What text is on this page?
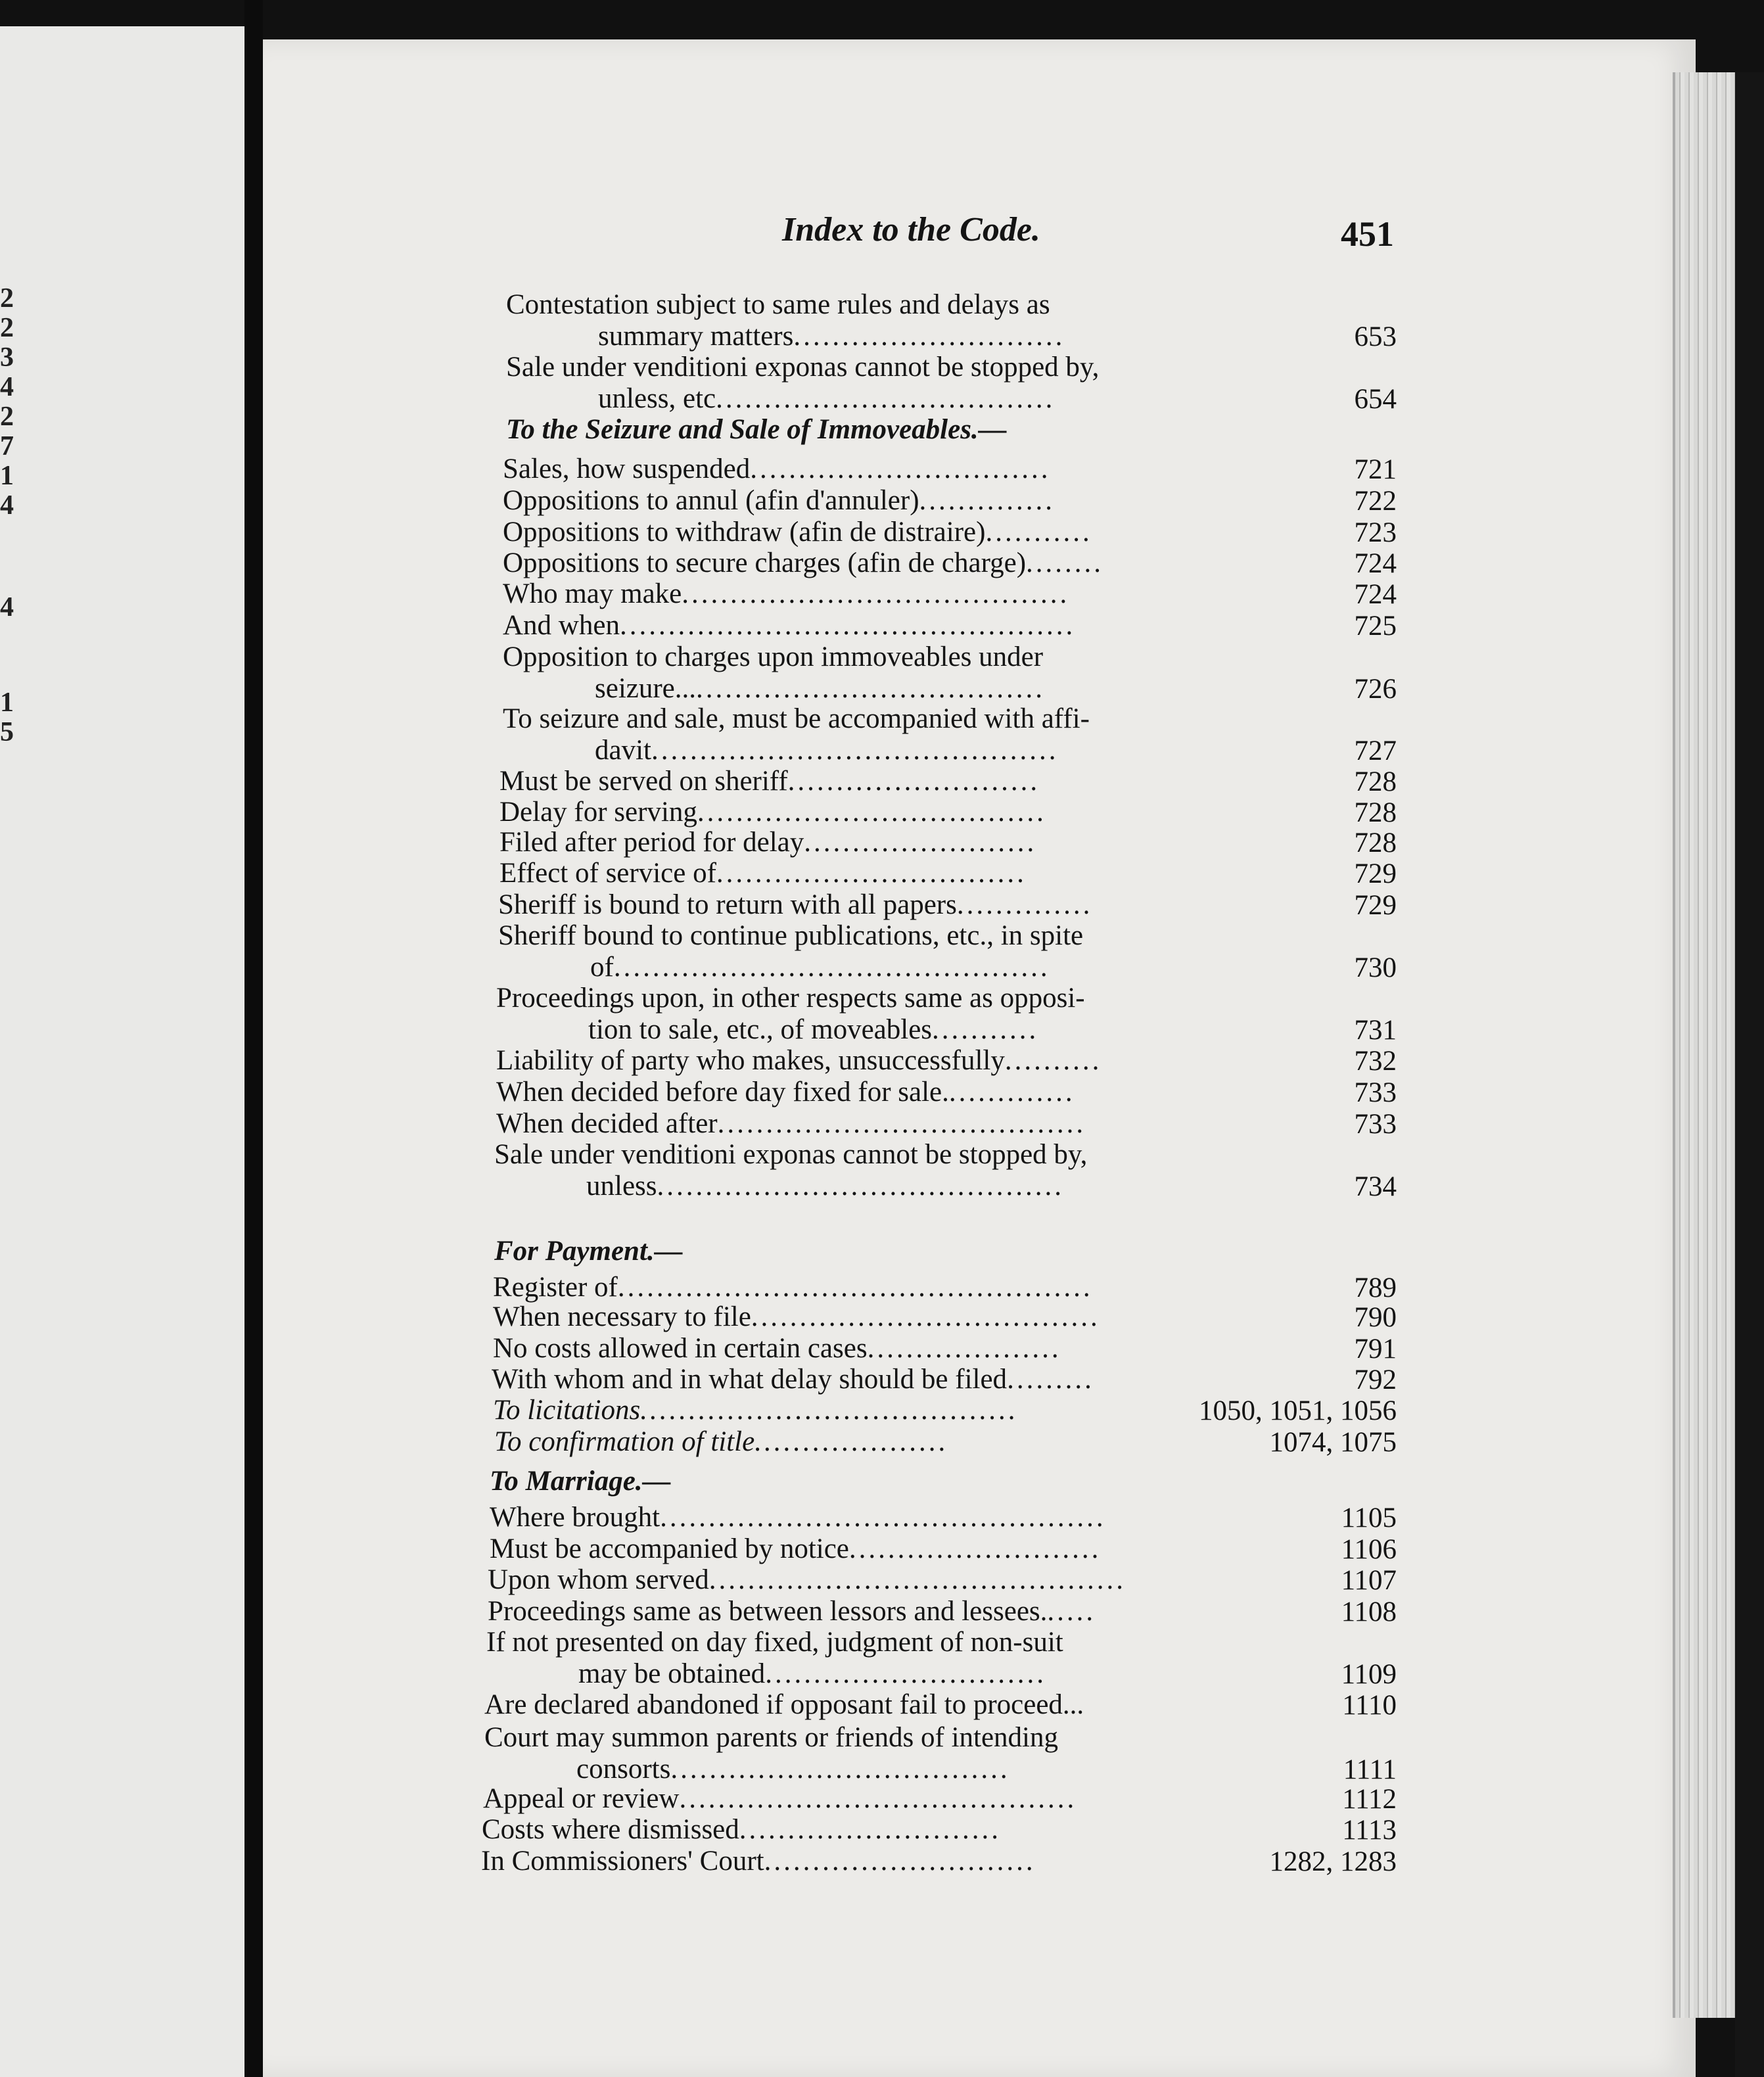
2
2
3
4
2
7
1
4
4
1
5
Index to the Code.	451
Contestation subject to same rules and delays as
summary matters............................	653
Sale under venditioni exponas cannot be stopped by,
unless, etc...................................	654
To the Seizure and Sale of Immoveables.—
Sales, how suspended...............................	721
Oppositions to annul (afin d'annuler)..............	722
Oppositions to withdraw (afin de distraire)...........	723
Oppositions to secure charges (afin de charge)........	724
Who may make........................................	724
And when...............................................	725
Opposition to charges upon immoveables under
seizure.......................................	726
To seizure and sale, must be accompanied with affi-
davit..........................................	727
Must be served on sheriff..........................	728
Delay for serving....................................	728
Filed after period for delay........................	728
Effect of service of................................	729
Sheriff is bound to return with all papers..............	729
Sheriff bound to continue publications, etc., in spite
of.............................................	730
Proceedings upon, in other respects same as opposi-
tion to sale, etc., of moveables...........	731
Liability of party who makes, unsuccessfully..........	732
When decided before day fixed for sale..............	733
When decided after......................................	733
Sale under venditioni exponas cannot be stopped by,
unless..........................................	734
For Payment.—
Register of.................................................	789
When necessary to file....................................	790
No costs allowed in certain cases....................	791
With whom and in what delay should be filed.........	792
To licitations.......................................	1050, 1051, 1056
To confirmation of title....................	1074, 1075
To Marriage.—
Where brought..............................................	1105
Must be accompanied by notice..........................	1106
Upon whom served...........................................	1107
Proceedings same as between lessors and lessees......	1108
If not presented on day fixed, judgment of non-suit
may be obtained.............................	1109
Are declared abandoned if opposant fail to proceed...	1110
Court may summon parents or friends of intending
consorts...................................	1111
Appeal or review.........................................	1112
Costs where dismissed...........................	1113
In Commissioners' Court............................	1282, 1283
